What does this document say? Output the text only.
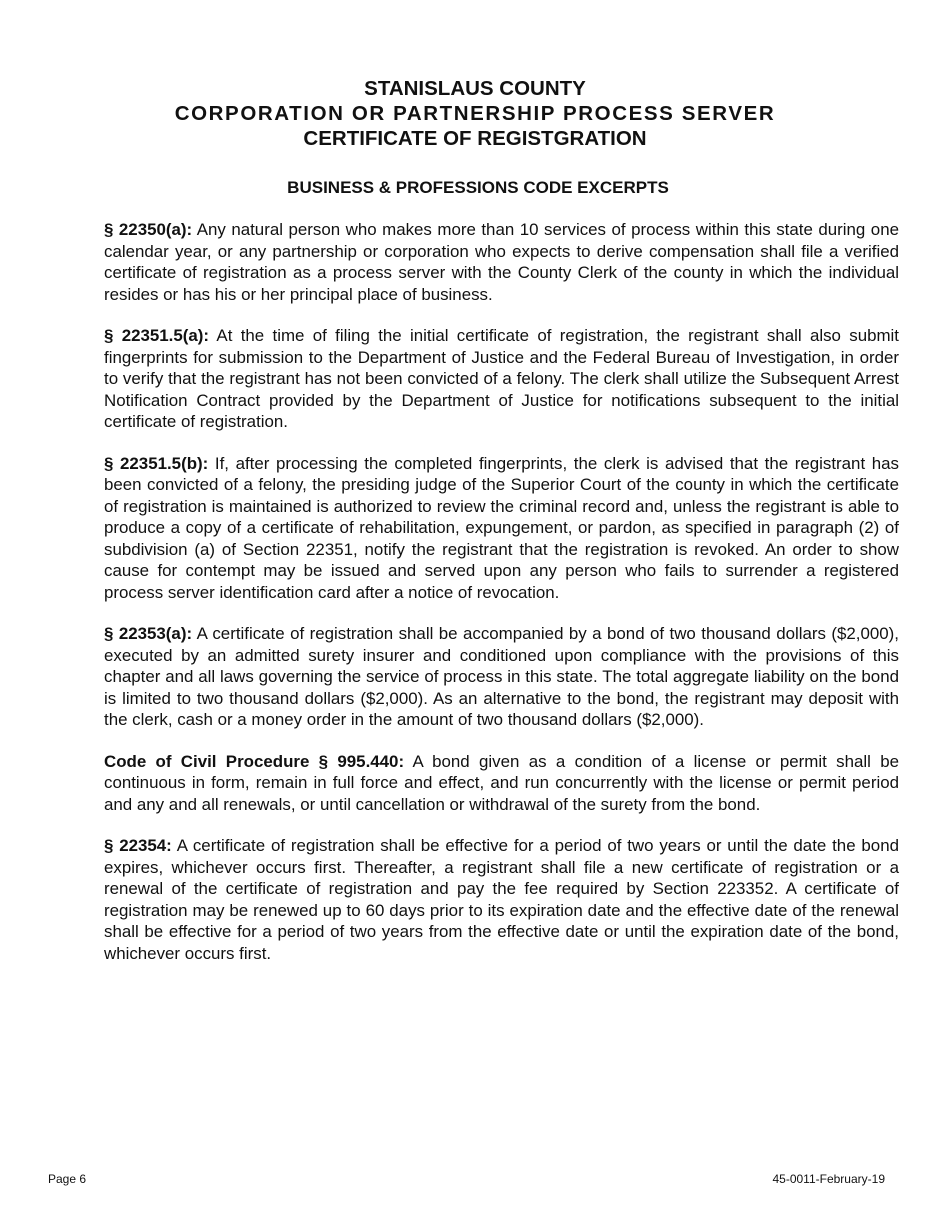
STANISLAUS COUNTY
CORPORATION OR PARTNERSHIP PROCESS SERVER
CERTIFICATE OF REGISTGRATION
BUSINESS & PROFESSIONS CODE EXCERPTS

§ 22350(a): Any natural person who makes more than 10 services of process within this state during one calendar year, or any partnership or corporation who expects to derive compensation shall file a verified certificate of registration as a process server with the County Clerk of the county in which the individual resides or has his or her principal place of business.

§ 22351.5(a): At the time of filing the initial certificate of registration, the registrant shall also submit fingerprints for submission to the Department of Justice and the Federal Bureau of Investigation, in order to verify that the registrant has not been convicted of a felony. The clerk shall utilize the Subsequent Arrest Notification Contract provided by the Department of Justice for notifications subsequent to the initial certificate of registration.

§ 22351.5(b): If, after processing the completed fingerprints, the clerk is advised that the registrant has been convicted of a felony, the presiding judge of the Superior Court of the county in which the certificate of registration is maintained is authorized to review the criminal record and, unless the registrant is able to produce a copy of a certificate of rehabilitation, expungement, or pardon, as specified in paragraph (2) of subdivision (a) of Section 22351, notify the registrant that the registration is revoked. An order to show cause for contempt may be issued and served upon any person who fails to surrender a registered process server identification card after a notice of revocation.

§ 22353(a): A certificate of registration shall be accompanied by a bond of two thousand dollars ($2,000), executed by an admitted surety insurer and conditioned upon compliance with the provisions of this chapter and all laws governing the service of process in this state. The total aggregate liability on the bond is limited to two thousand dollars ($2,000). As an alternative to the bond, the registrant may deposit with the clerk, cash or a money order in the amount of two thousand dollars ($2,000).

Code of Civil Procedure § 995.440: A bond given as a condition of a license or permit shall be continuous in form, remain in full force and effect, and run concurrently with the license or permit period and any and all renewals, or until cancellation or withdrawal of the surety from the bond.

§ 22354: A certificate of registration shall be effective for a period of two years or until the date the bond expires, whichever occurs first. Thereafter, a registrant shall file a new certificate of registration or a renewal of the certificate of registration and pay the fee required by Section 223352. A certificate of registration may be renewed up to 60 days prior to its expiration date and the effective date of the renewal shall be effective for a period of two years from the effective date or until the expiration date of the bond, whichever occurs first.

Page 6	45-0011-February-19
